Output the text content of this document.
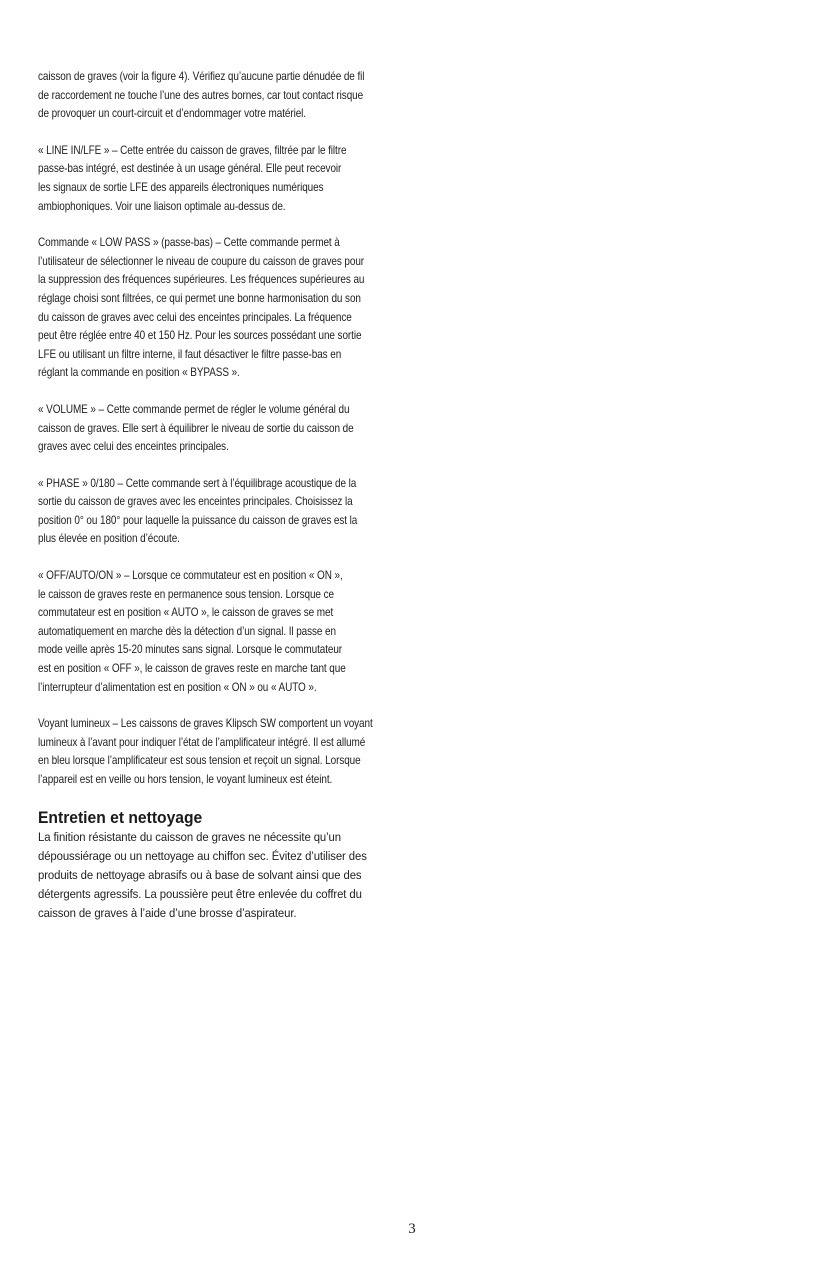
caisson de graves (voir la figure 4). Vérifiez qu’aucune partie dénudée de fil
de raccordement ne touche l’une des autres bornes, car tout contact risque
de provoquer un court-circuit et d’endommager votre matériel.
« LINE IN/LFE » – Cette entrée du caisson de graves, filtrée par le filtre
passe-bas intégré, est destinée à un usage général. Elle peut recevoir
les signaux de sortie LFE des appareils électroniques numériques
ambiophoniques. Voir une liaison optimale au-dessus de.
Commande « LOW PASS » (passe-bas) – Cette commande permet à
l’utilisateur de sélectionner le niveau de coupure du caisson de graves pour
la suppression des fréquences supérieures. Les fréquences supérieures au
réglage choisi sont filtrées, ce qui permet une bonne harmonisation du son
du caisson de graves avec celui des enceintes principales. La fréquence
peut être réglée entre 40 et 150 Hz. Pour les sources possédant une sortie
LFE ou utilisant un filtre interne, il faut désactiver le filtre passe-bas en
réglant la commande en position « BYPASS ».
« VOLUME » – Cette commande permet de régler le volume général du
caisson de graves. Elle sert à équilibrer le niveau de sortie du caisson de
graves avec celui des enceintes principales.
« PHASE » 0/180 – Cette commande sert à l’équilibrage acoustique de la
sortie du caisson de graves avec les enceintes principales. Choisissez la
position 0° ou 180° pour laquelle la puissance du caisson de graves est la
plus élevée en position d’écoute.
« OFF/AUTO/ON » – Lorsque ce commutateur est en position « ON »,
le caisson de graves reste en permanence sous tension. Lorsque ce
commutateur est en position « AUTO », le caisson de graves se met
automatiquement en marche dès la détection d’un signal. Il passe en
mode veille après 15-20 minutes sans signal. Lorsque le commutateur
est en position « OFF », le caisson de graves reste en marche tant que
l’interrupteur d’alimentation est en position « ON » ou « AUTO ».
Voyant lumineux – Les caissons de graves Klipsch SW comportent un voyant
lumineux à l’avant pour indiquer l’état de l’amplificateur intégré. Il est allumé
en bleu lorsque l’amplificateur est sous tension et reçoit un signal. Lorsque
l’appareil est en veille ou hors tension, le voyant lumineux est éteint.
Entretien et nettoyage
La finition résistante du caisson de graves ne nécessite qu’un
dépoussiérage ou un nettoyage au chiffon sec. Évitez d’utiliser des
produits de nettoyage abrasifs ou à base de solvant ainsi que des
détergents agressifs. La poussière peut être enlevée du coffret du
caisson de graves à l’aide d’une brosse d’aspirateur.
3
